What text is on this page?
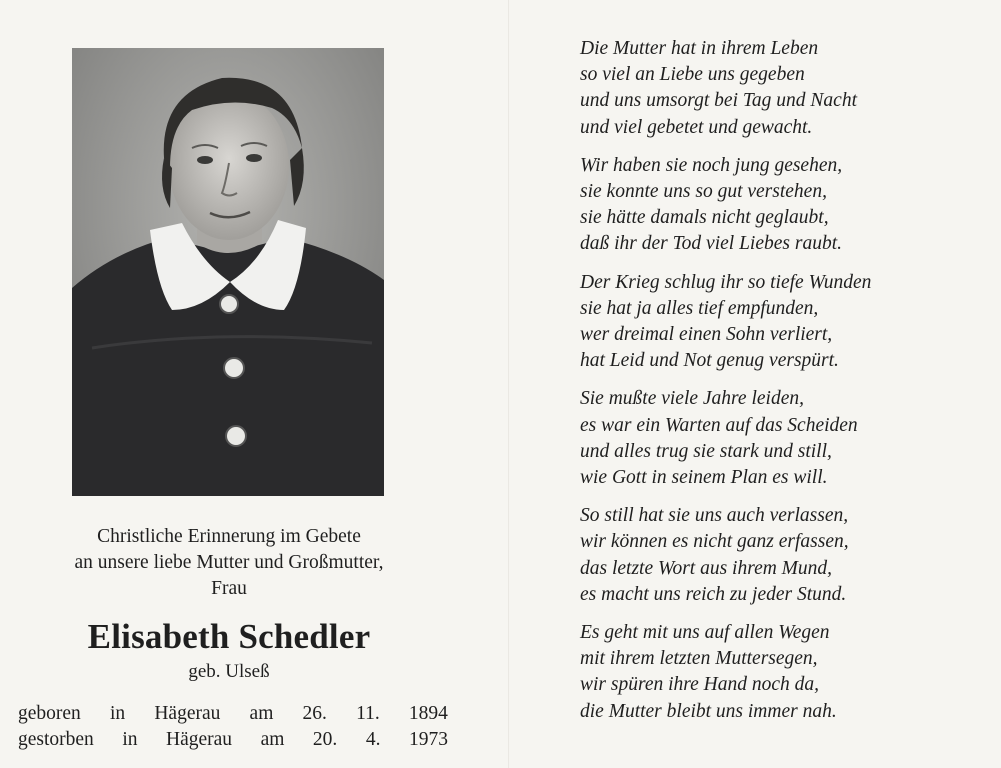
Christliche Erinnerung im Gebete
an unsere liebe Mutter und Großmutter,
Frau
Elisabeth Schedler
geb. Ulseß
geboren in Hägerau am 26. 11. 1894
gestorben in Hägerau am 20. 4. 1973
Die Mutter hat in ihrem Leben
so viel an Liebe uns gegeben
und uns umsorgt bei Tag und Nacht
und viel gebetet und gewacht.
Wir haben sie noch jung gesehen,
sie konnte uns so gut verstehen,
sie hätte damals nicht geglaubt,
daß ihr der Tod viel Liebes raubt.
Der Krieg schlug ihr so tiefe Wunden
sie hat ja alles tief empfunden,
wer dreimal einen Sohn verliert,
hat Leid und Not genug verspürt.
Sie mußte viele Jahre leiden,
es war ein Warten auf das Scheiden
und alles trug sie stark und still,
wie Gott in seinem Plan es will.
So still hat sie uns auch verlassen,
wir können es nicht ganz erfassen,
das letzte Wort aus ihrem Mund,
es macht uns reich zu jeder Stund.
Es geht mit uns auf allen Wegen
mit ihrem letzten Muttersegen,
wir spüren ihre Hand noch da,
die Mutter bleibt uns immer nah.
